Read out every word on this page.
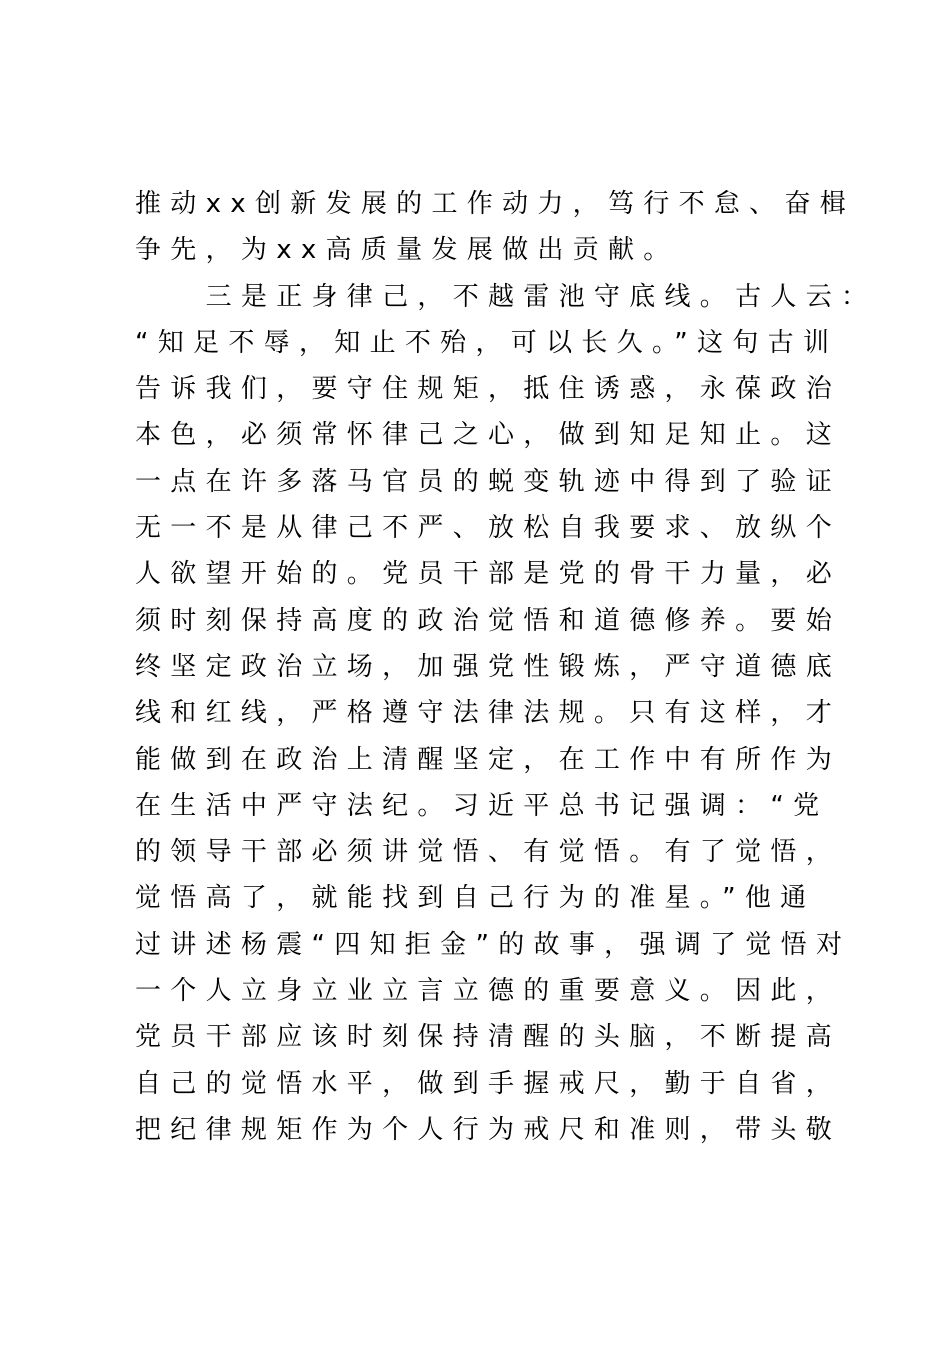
推动xx创新发展的工作动力，笃行不怠、奋楫
争先，为xx高质量发展做出贡献。
　　三是正身律己，不越雷池守底线。古人云：
“知足不辱，知止不殆，可以长久。”这句古训
告诉我们，要守住规矩，抵住诱惑，永葆政治
本色，必须常怀律己之心，做到知足知止。这
一点在许多落马官员的蜕变轨迹中得到了验证
无一不是从律己不严、放松自我要求、放纵个
人欲望开始的。党员干部是党的骨干力量，必
须时刻保持高度的政治觉悟和道德修养。要始
终坚定政治立场，加强党性锻炼，严守道德底
线和红线，严格遵守法律法规。只有这样，才
能做到在政治上清醒坚定，在工作中有所作为
在生活中严守法纪。习近平总书记强调：“党
的领导干部必须讲觉悟、有觉悟。有了觉悟，
觉悟高了，就能找到自己行为的准星。”他通
过讲述杨震“四知拒金”的故事，强调了觉悟对
一个人立身立业立言立德的重要意义。因此，
党员干部应该时刻保持清醒的头脑，不断提高
自己的觉悟水平，做到手握戒尺，勤于自省，
把纪律规矩作为个人行为戒尺和准则，带头敬
